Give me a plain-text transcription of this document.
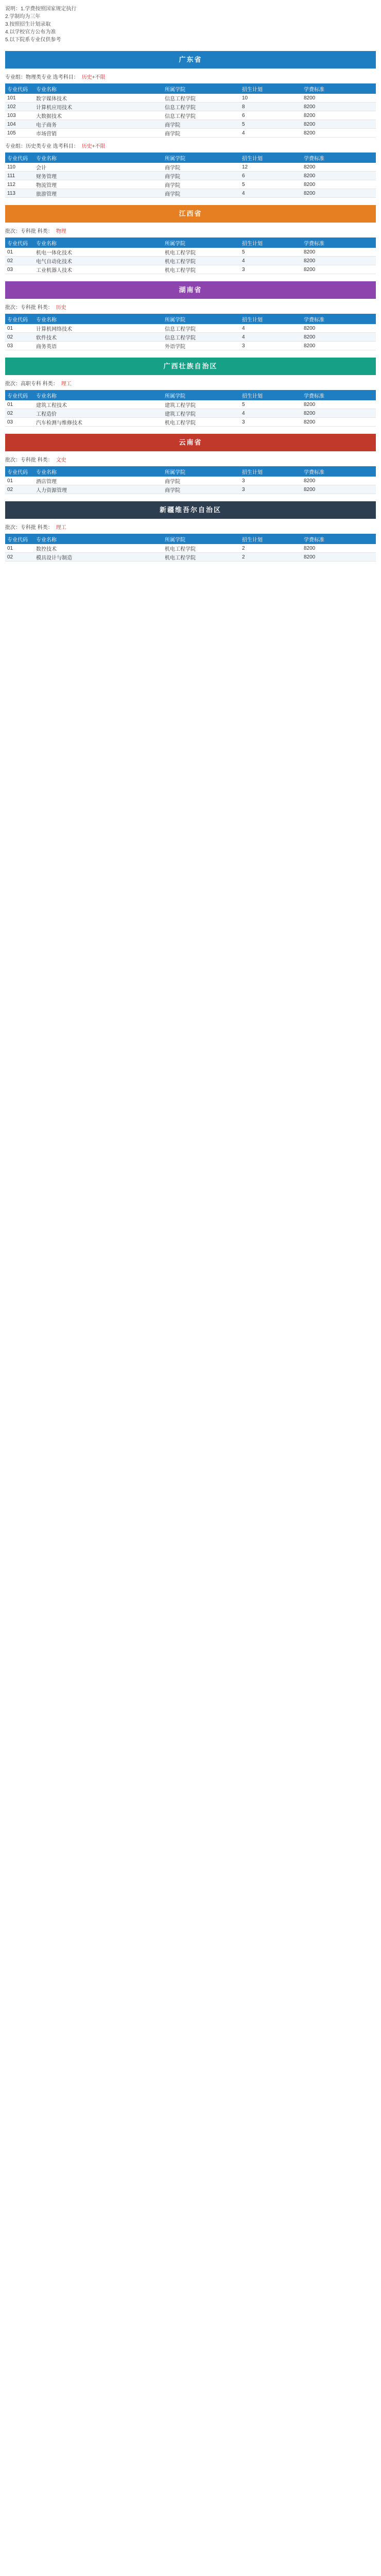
说明：1.学费按照国家规定执行
2.学制均为三年
3.按照招生计划录取
4.以学校官方公布为准
5.以下院系专业仅供参考
广东省
专业组：物理类专业 选考科目： 历史+不限
专业代码	专业名称	所属学院	招生计划	学费标准
101	数字媒体技术	信息工程学院	10	8200
102	计算机应用技术	信息工程学院	8	8200
103	大数据技术	信息工程学院	6	8200
104	电子商务	商学院	5	8200
105	市场营销	商学院	4	8200
专业组：历史类专业 选考科目： 历史+不限
专业代码	专业名称	所属学院	招生计划	学费标准
110	会计	商学院	12	8200
111	财务管理	商学院	6	8200
112	物流管理	商学院	5	8200
113	旅游管理	商学院	4	8200
江西省
批次：专科批 科类： 物理
专业代码	专业名称	所属学院	招生计划	学费标准
01	机电一体化技术	机电工程学院	5	8200
02	电气自动化技术	机电工程学院	4	8200
03	工业机器人技术	机电工程学院	3	8200
湖南省
批次：专科批 科类： 历史
专业代码	专业名称	所属学院	招生计划	学费标准
01	计算机网络技术	信息工程学院	4	8200
02	软件技术	信息工程学院	4	8200
03	商务英语	外语学院	3	8200
广西壮族自治区
批次：高职专科 科类： 理工
专业代码	专业名称	所属学院	招生计划	学费标准
01	建筑工程技术	建筑工程学院	5	8200
02	工程造价	建筑工程学院	4	8200
03	汽车检测与维修技术	机电工程学院	3	8200
云南省
批次：专科批 科类： 文史
专业代码	专业名称	所属学院	招生计划	学费标准
01	酒店管理	商学院	3	8200
02	人力资源管理	商学院	3	8200
新疆维吾尔自治区
批次：专科批 科类： 理工
专业代码	专业名称	所属学院	招生计划	学费标准
01	数控技术	机电工程学院	2	8200
02	模具设计与制造	机电工程学院	2	8200
